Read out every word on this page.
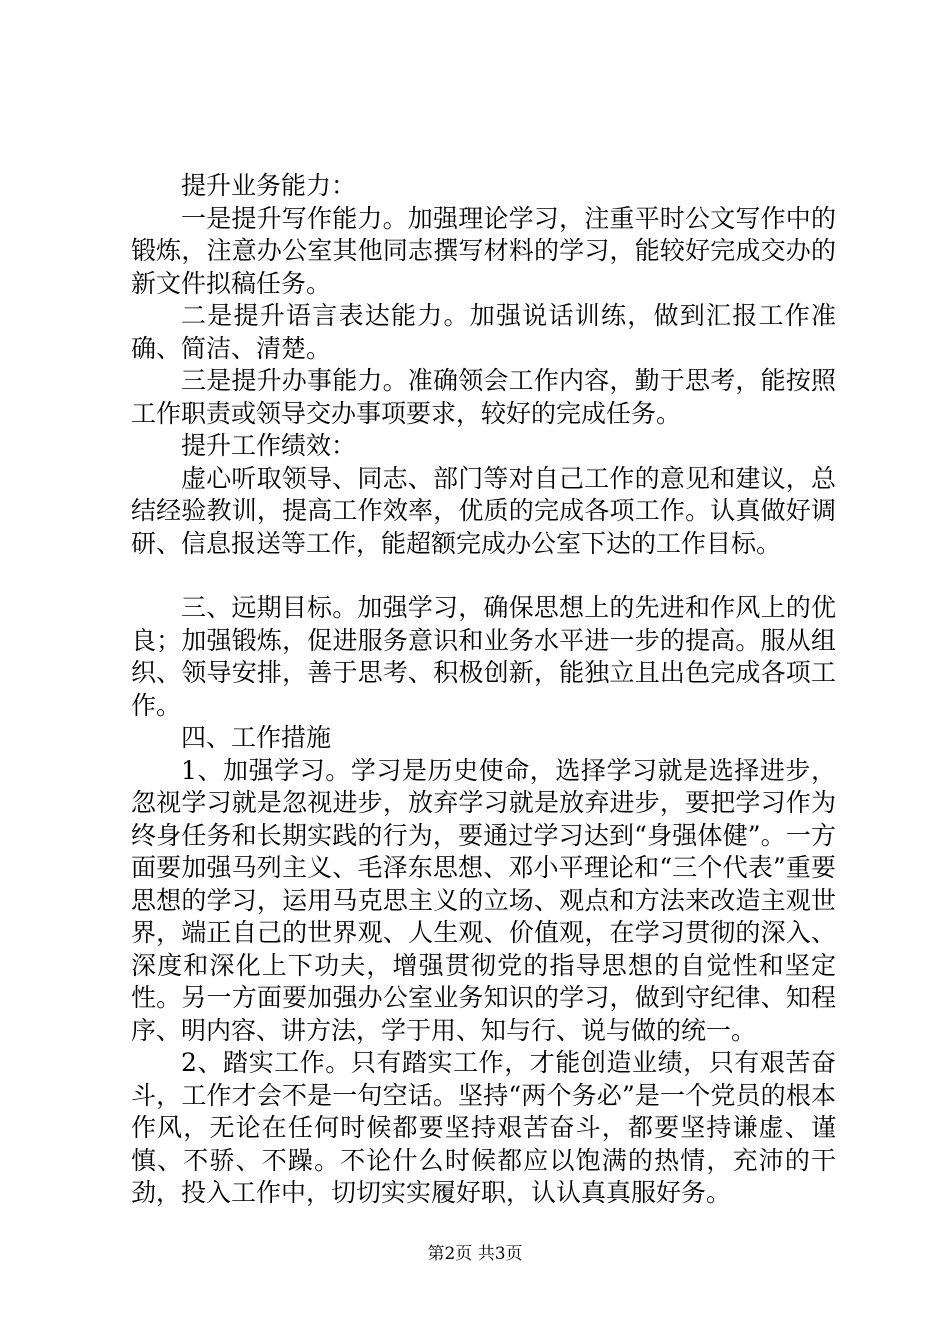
提升业务能力：

一是提升写作能力。加强理论学习，注重平时公文写作中的锻炼，注意办公室其他同志撰写材料的学习，能较好完成交办的新文件拟稿任务。

二是提升语言表达能力。加强说话训练，做到汇报工作准确、简洁、清楚。

三是提升办事能力。准确领会工作内容，勤于思考，能按照工作职责或领导交办事项要求，较好的完成任务。

提升工作绩效：

虚心听取领导、同志、部门等对自己工作的意见和建议，总结经验教训，提高工作效率，优质的完成各项工作。认真做好调研、信息报送等工作，能超额完成办公室下达的工作目标。

三、远期目标。加强学习，确保思想上的先进和作风上的优良；加强锻炼，促进服务意识和业务水平进一步的提高。服从组织、领导安排，善于思考、积极创新，能独立且出色完成各项工作。

四、工作措施

1、加强学习。学习是历史使命，选择学习就是选择进步，忽视学习就是忽视进步，放弃学习就是放弃进步，要把学习作为终身任务和长期实践的行为，要通过学习达到“身强体健”。一方面要加强马列主义、毛泽东思想、邓小平理论和“三个代表”重要思想的学习，运用马克思主义的立场、观点和方法来改造主观世界，端正自己的世界观、人生观、价值观，在学习贯彻的深入、深度和深化上下功夫，增强贯彻党的指导思想的自觉性和坚定性。另一方面要加强办公室业务知识的学习，做到守纪律、知程序、明内容、讲方法，学于用、知与行、说与做的统一。

2、踏实工作。只有踏实工作，才能创造业绩，只有艰苦奋斗，工作才会不是一句空话。坚持“两个务必”是一个党员的根本作风，无论在任何时候都要坚持艰苦奋斗，都要坚持谦虚、谨慎、不骄、不躁。不论什么时候都应以饱满的热情，充沛的干劲，投入工作中，切切实实履好职，认认真真服好务。

第2页 共3页
